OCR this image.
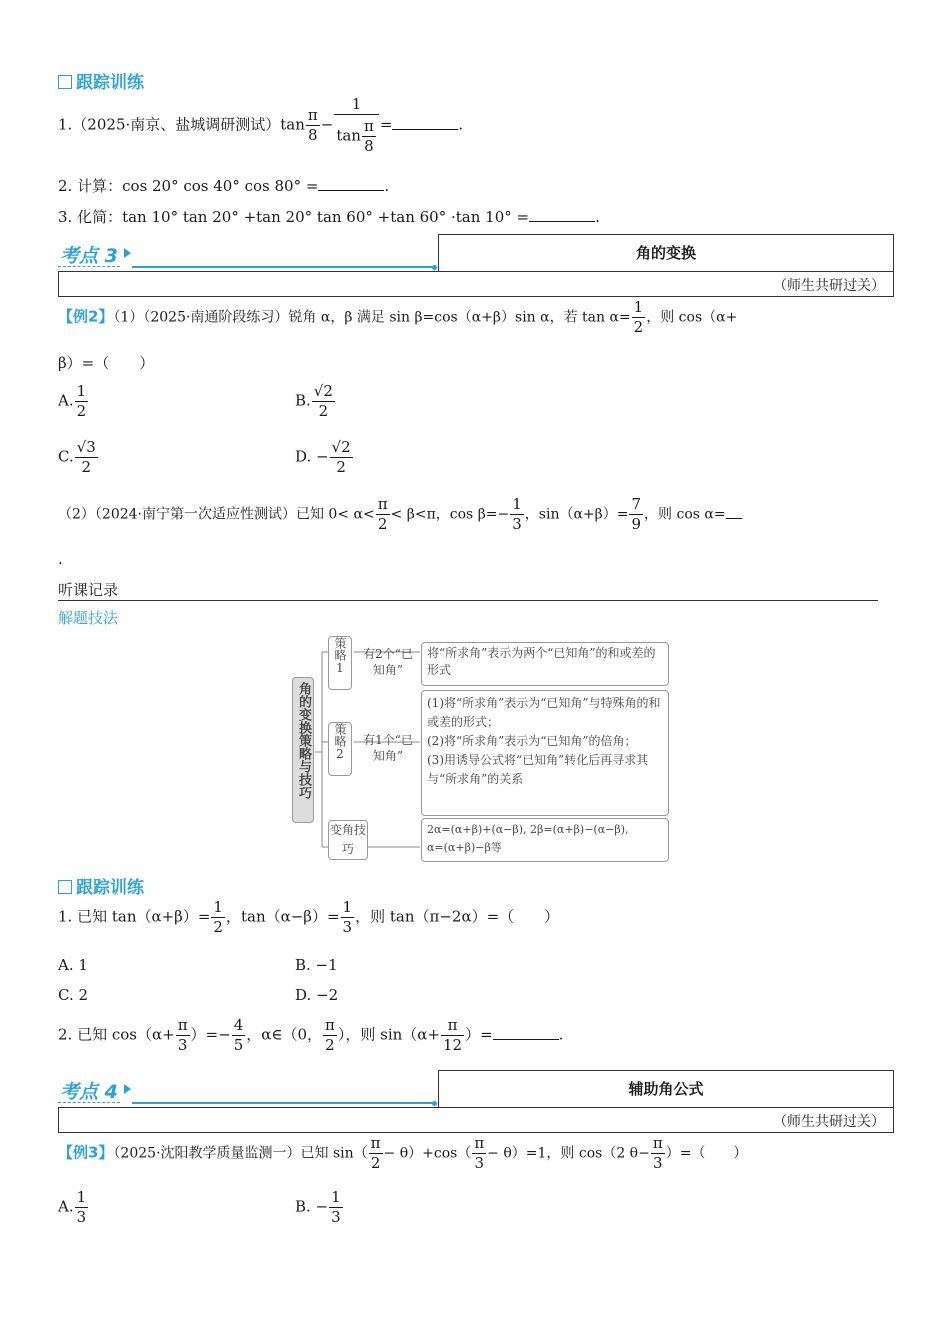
跟踪训练
1.（2025·南京、盐城调研测试）$\tan \frac{\pi}{8} - \frac{1}{\tan \frac{\pi}{8}}$ =	.
2. 计算：cos 20° cos 40° cos 80° =	.
3. 化简：tan 10° tan 20° +tan 20° tan 60° +tan 60° ·tan 10° =	.
考点 3	角的变换
（师生共研过关）
【例2】（1）（2025·南通阶段练习）锐角 α，β 满足 sin β=cos（α+β）sin α，若 $\tan \alpha= \frac{1}{2}$ ，则 cos（α+
β）=（　　）
A. $\frac{1}{2}$	B. $\frac{√2}{2}$
C. $\frac{√3}{2}$	D. − $\frac{√2}{2}$
（2）（2024·南宁第一次适应性测试）已知 $0< \alpha< \frac{\pi}{2} < \beta<\pi$，$\cos \beta=- \frac{1}{3}$ ，$\sin(\alpha+\beta)= \frac{7}{9}$ ，则 cos α=
.
听课记录
解题技法
角的变换策略与技巧
策略1	有2个“已知角”
将“所求角”表示为两个“已知角”的和或差的形式
策略2	有1个“已知角”
(1)将“所求角”表示为“已知角”与特殊角的和或差的形式；
(2)将“所求角”表示为“已知角”的倍角；
(3)用诱导公式将“已知角”转化后再寻求其与“所求角”的关系
变角技巧
2α=(α+β)+(α−β), 2β=(α+β)−(α−β),
α=(α+β)−β等
跟踪训练
1. 已知 $\tan(\alpha+\beta)= \frac{1}{2}$ ，$\tan(\alpha-\beta)= \frac{1}{3}$ ，则 tan（π−2α）=（　　）
A. 1	B. −1
C. 2	D. −2
2. 已知 $\cos(\alpha+ \frac{\pi}{3}$ ）=− $\frac{4}{5}$ ，α∈（0， $\frac{\pi}{2}$ ），则 $\sin(\alpha+ \frac{\pi}{12}$ ）=	.
考点 4	辅助角公式
（师生共研过关）
【例3】（2025·沈阳教学质量监测一）已知 $\sin( \frac{\pi}{2} - \theta)+\cos( \frac{\pi}{3} - \theta)=1$，则 cos（2 $\theta- \frac{\pi}{3}$ ）=（　　）
A. $\frac{1}{3}$	B. − $\frac{1}{3}$
